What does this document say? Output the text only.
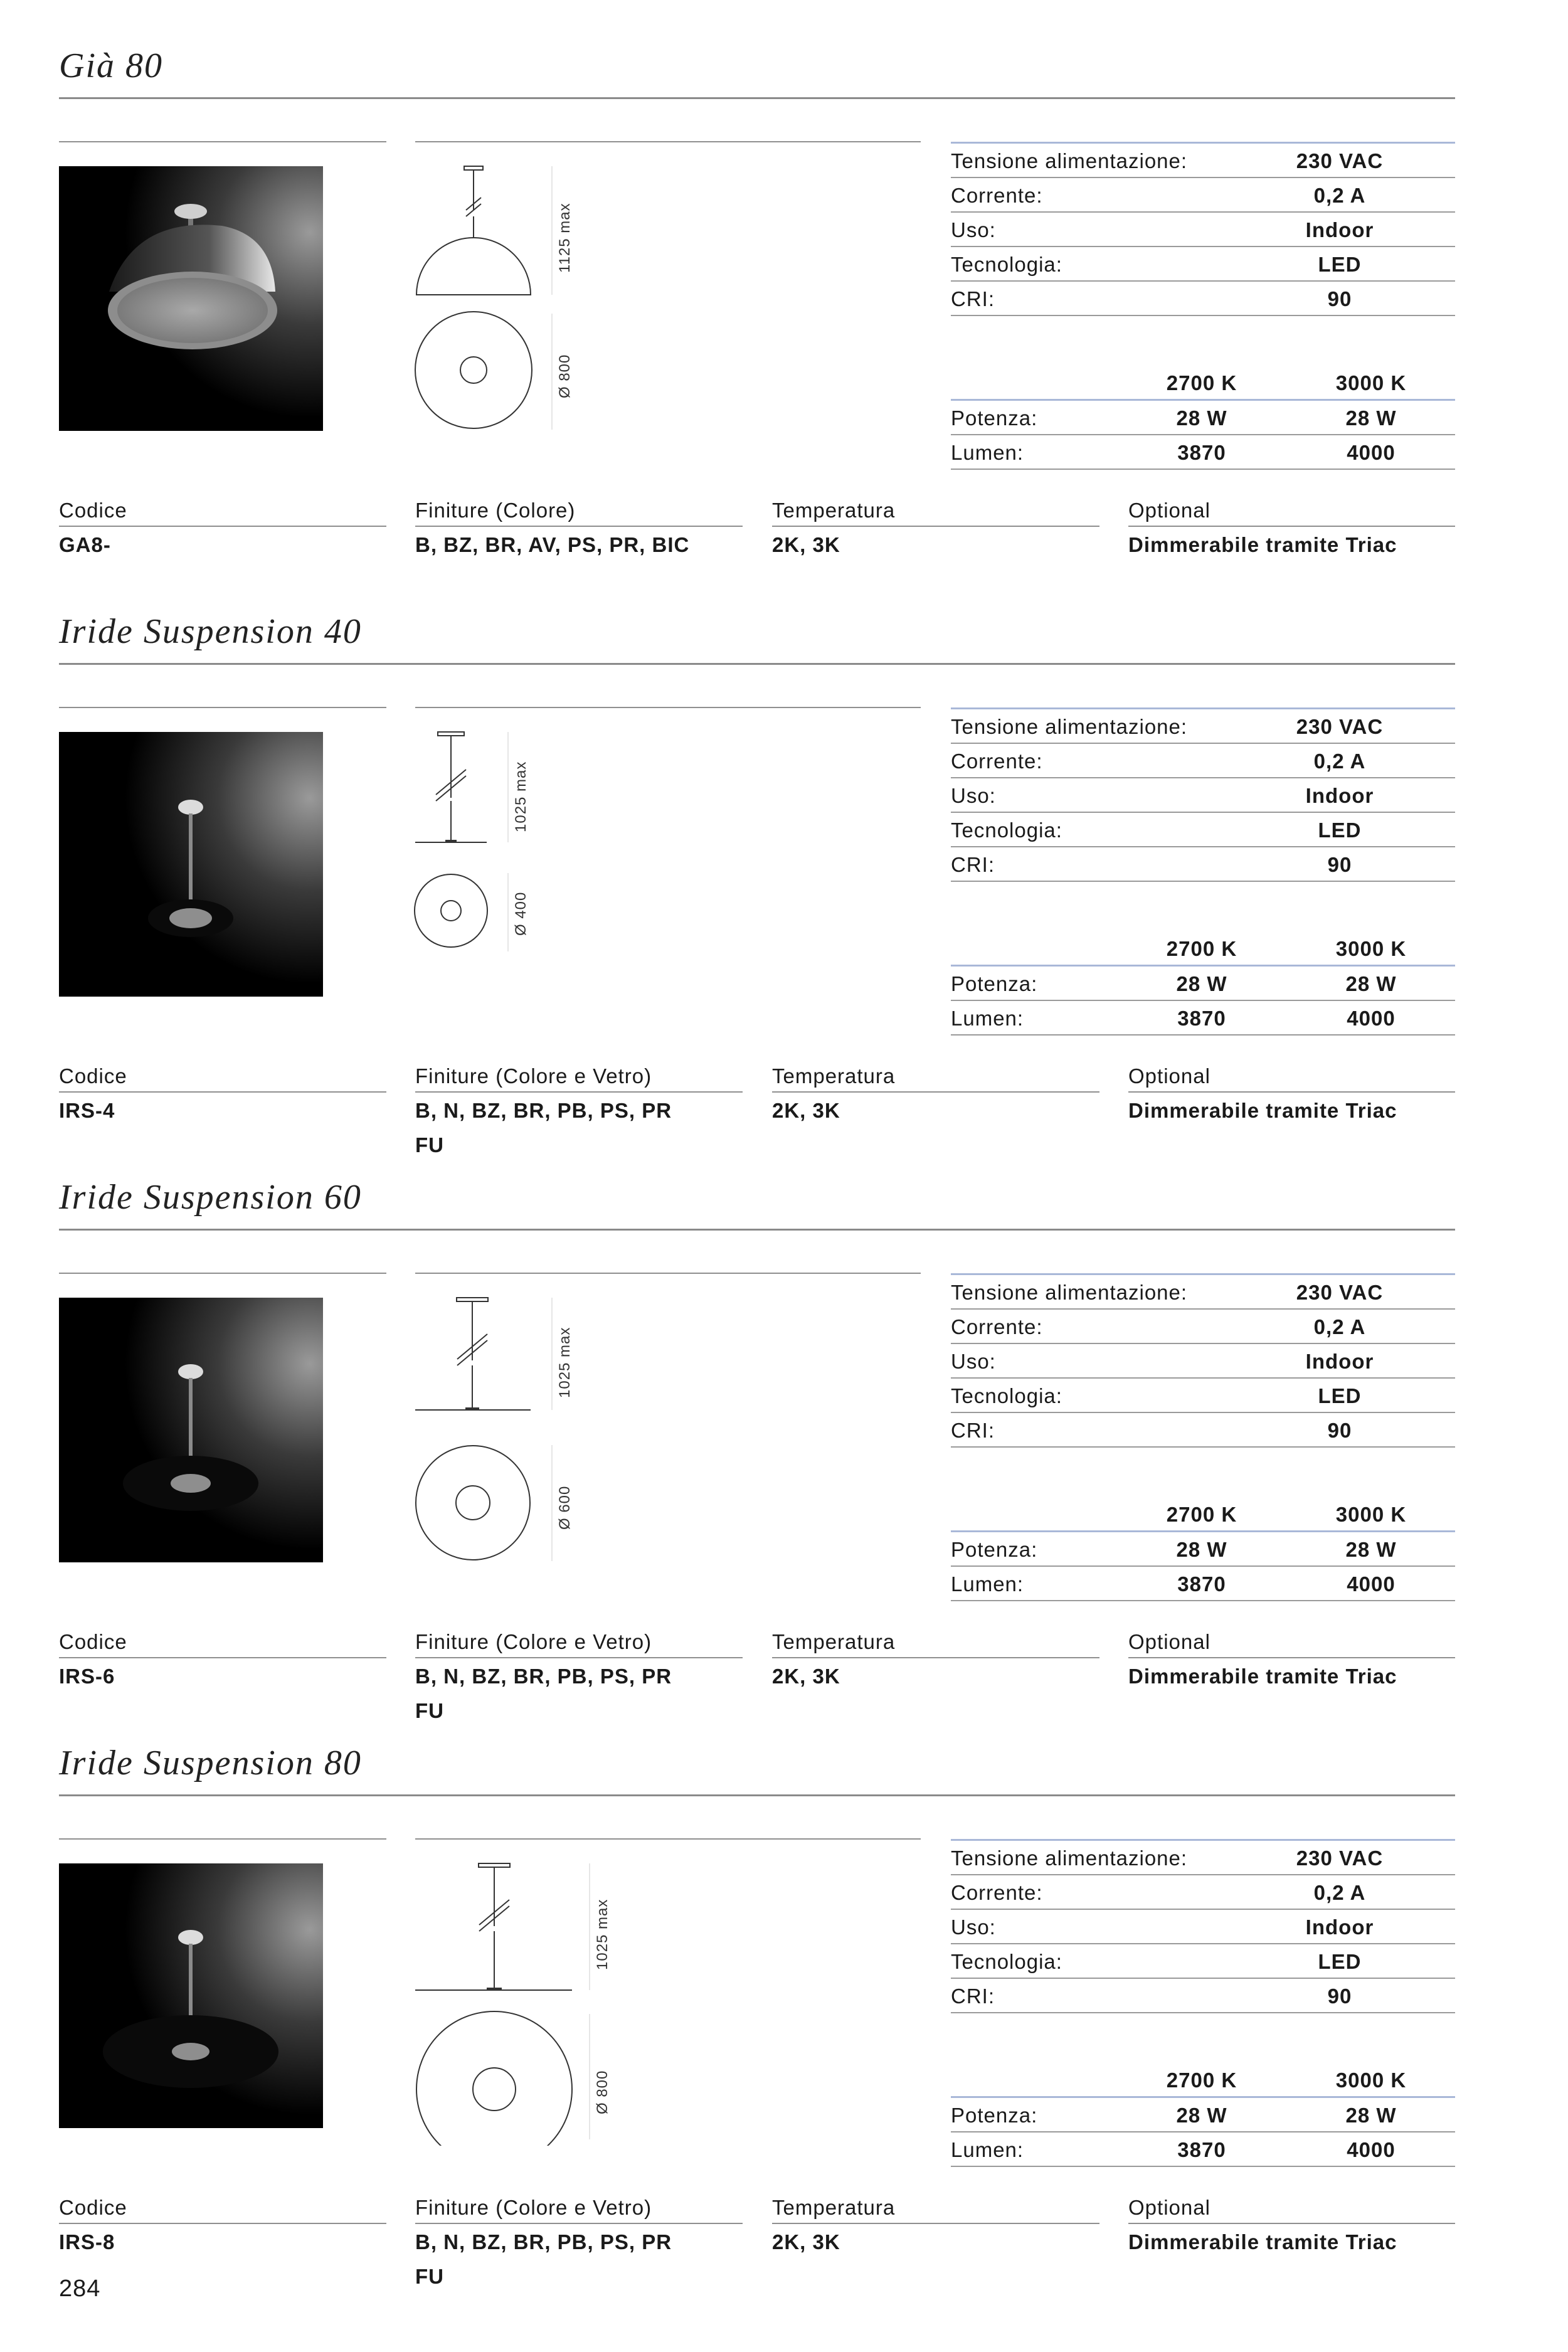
Già 80
1125 max
Ø 800
Tensione alimentazione:	230 VAC
Corrente:	0,2 A
Uso:	Indoor
Tecnologia:	LED
CRI:	90
2700 K	3000 K
Potenza:	28 W	28 W
Lumen:	3870	4000
Codice
GA8-
Finiture (Colore)
B, BZ, BR, AV, PS, PR, BIC
Temperatura
2K, 3K
Optional
Dimmerabile tramite Triac
Iride Suspension 40
1025 max
Ø 400
Tensione alimentazione:	230 VAC
Corrente:	0,2 A
Uso:	Indoor
Tecnologia:	LED
CRI:	90
2700 K	3000 K
Potenza:	28 W	28 W
Lumen:	3870	4000
Codice
IRS-4
Finiture (Colore e Vetro)
B, N, BZ, BR, PB, PS, PR
FU
Temperatura
2K, 3K
Optional
Dimmerabile tramite Triac
Iride Suspension 60
1025 max
Ø 600
Tensione alimentazione:	230 VAC
Corrente:	0,2 A
Uso:	Indoor
Tecnologia:	LED
CRI:	90
2700 K	3000 K
Potenza:	28 W	28 W
Lumen:	3870	4000
Codice
IRS-6
Finiture (Colore e Vetro)
B, N, BZ, BR, PB, PS, PR
FU
Temperatura
2K, 3K
Optional
Dimmerabile tramite Triac
Iride Suspension 80
1025 max
Ø 800
Tensione alimentazione:	230 VAC
Corrente:	0,2 A
Uso:	Indoor
Tecnologia:	LED
CRI:	90
2700 K	3000 K
Potenza:	28 W	28 W
Lumen:	3870	4000
Codice
IRS-8
Finiture (Colore e Vetro)
B, N, BZ, BR, PB, PS, PR
FU
Temperatura
2K, 3K
Optional
Dimmerabile tramite Triac
284
